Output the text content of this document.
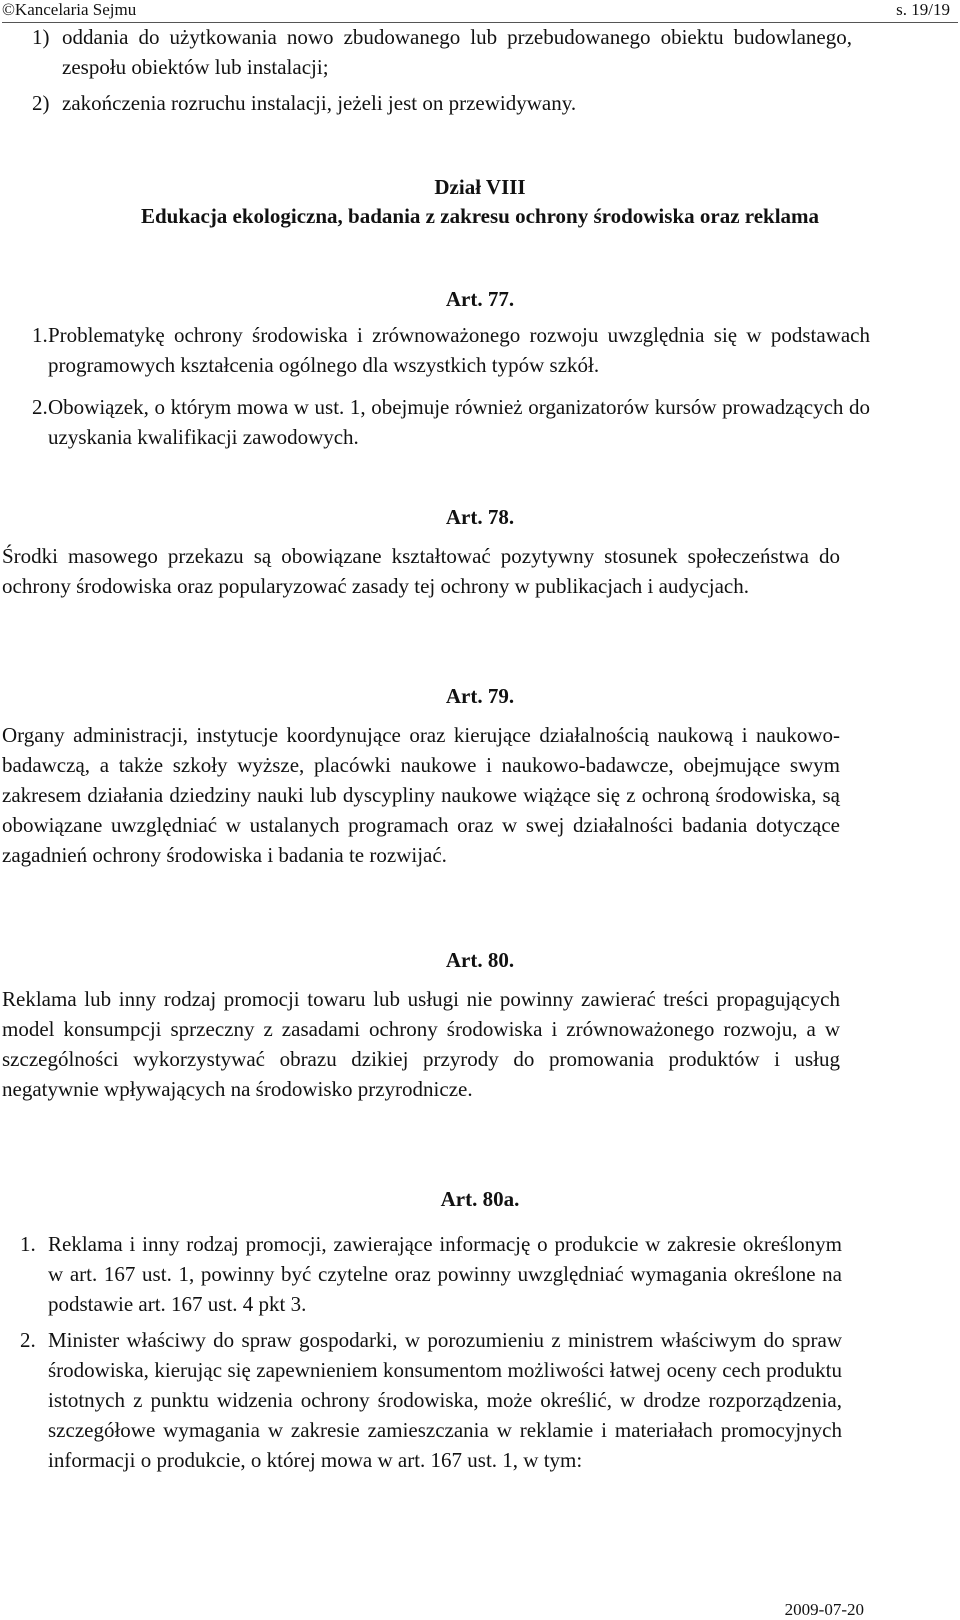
©Kancelaria Sejmu	s. 19/19
1) oddania do użytkowania nowo zbudowanego lub przebudowanego obiektu budowlanego, zespołu obiektów lub instalacji;
2) zakończenia rozruchu instalacji, jeżeli jest on przewidywany.
Dział VIII
Edukacja ekologiczna, badania z zakresu ochrony środowiska oraz reklama
Art. 77.
1. Problematykę ochrony środowiska i zrównoważonego rozwoju uwzględnia się w podstawach programowych kształcenia ogólnego dla wszystkich typów szkół.
2. Obowiązek, o którym mowa w ust. 1, obejmuje również organizatorów kursów prowadzących do uzyskania kwalifikacji zawodowych.
Art. 78.
Środki masowego przekazu są obowiązane kształtować pozytywny stosunek społeczeństwa do ochrony środowiska oraz popularyzować zasady tej ochrony w publikacjach i audycjach.
Art. 79.
Organy administracji, instytucje koordynujące oraz kierujące działalnością naukową i naukowo-badawczą, a także szkoły wyższe, placówki naukowe i naukowo-badawcze, obejmujące swym zakresem działania dziedziny nauki lub dyscypliny naukowe wiążące się z ochroną środowiska, są obowiązane uwzględniać w ustalanych programach oraz w swej działalności badania dotyczące zagadnień ochrony środowiska i badania te rozwijać.
Art. 80.
Reklama lub inny rodzaj promocji towaru lub usługi nie powinny zawierać treści propagujących model konsumpcji sprzeczny z zasadami ochrony środowiska i zrównoważonego rozwoju, a w szczególności wykorzystywać obrazu dzikiej przyrody do promowania produktów i usług negatywnie wpływających na środowisko przyrodnicze.
Art. 80a.
1. Reklama i inny rodzaj promocji, zawierające informację o produkcie w zakresie określonym w art. 167 ust. 1, powinny być czytelne oraz powinny uwzględniać wymagania określone na podstawie art. 167 ust. 4 pkt 3.
2. Minister właściwy do spraw gospodarki, w porozumieniu z ministrem właściwym do spraw środowiska, kierując się zapewnieniem konsumentom możliwości łatwej oceny cech produktu istotnych z punktu widzenia ochrony środowiska, może określić, w drodze rozporządzenia, szczegółowe wymagania w zakresie zamieszczania w reklamie i materiałach promocyjnych informacji o produkcie, o której mowa w art. 167 ust. 1, w tym:
2009-07-20
